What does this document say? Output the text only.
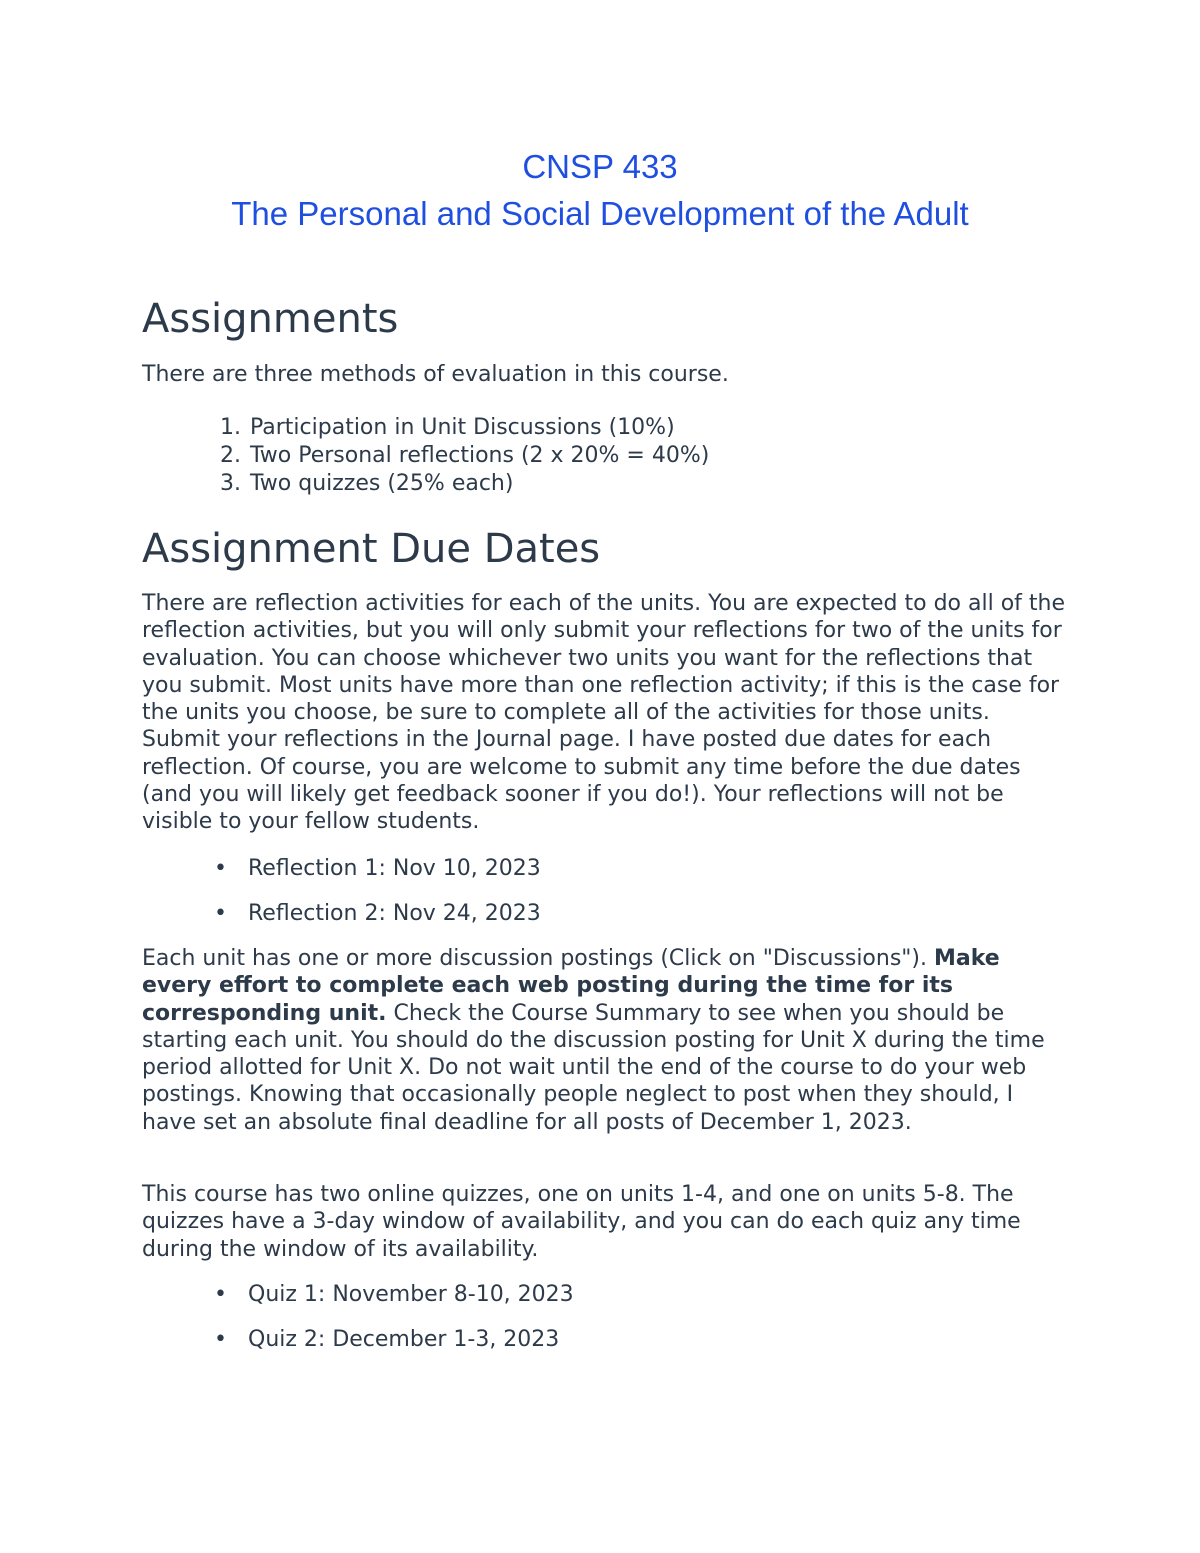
CNSP 433
The Personal and Social Development of the Adult
Assignments

There are three methods of evaluation in this course.

1. Participation in Unit Discussions (10%)
2. Two Personal reflections (2 x 20% = 40%)
3. Two quizzes (25% each)
Assignment Due Dates

There are reflection activities for each of the units. You are expected to do all of the reflection activities, but you will only submit your reflections for two of the units for evaluation. You can choose whichever two units you want for the reflections that you submit. Most units have more than one reflection activity; if this is the case for the units you choose, be sure to complete all of the activities for those units. Submit your reflections in the Journal page. I have posted due dates for each reflection. Of course, you are welcome to submit any time before the due dates (and you will likely get feedback sooner if you do!). Your reflections will not be visible to your fellow students.

• Reflection 1: Nov 10, 2023
• Reflection 2: Nov 24, 2023

Each unit has one or more discussion postings (Click on "Discussions"). Make every effort to complete each web posting during the time for its corresponding unit. Check the Course Summary to see when you should be starting each unit. You should do the discussion posting for Unit X during the time period allotted for Unit X. Do not wait until the end of the course to do your web postings. Knowing that occasionally people neglect to post when they should, I have set an absolute final deadline for all posts of December 1, 2023.

This course has two online quizzes, one on units 1-4, and one on units 5-8. The quizzes have a 3-day window of availability, and you can do each quiz any time during the window of its availability.

• Quiz 1: November 8-10, 2023
• Quiz 2: December 1-3, 2023
